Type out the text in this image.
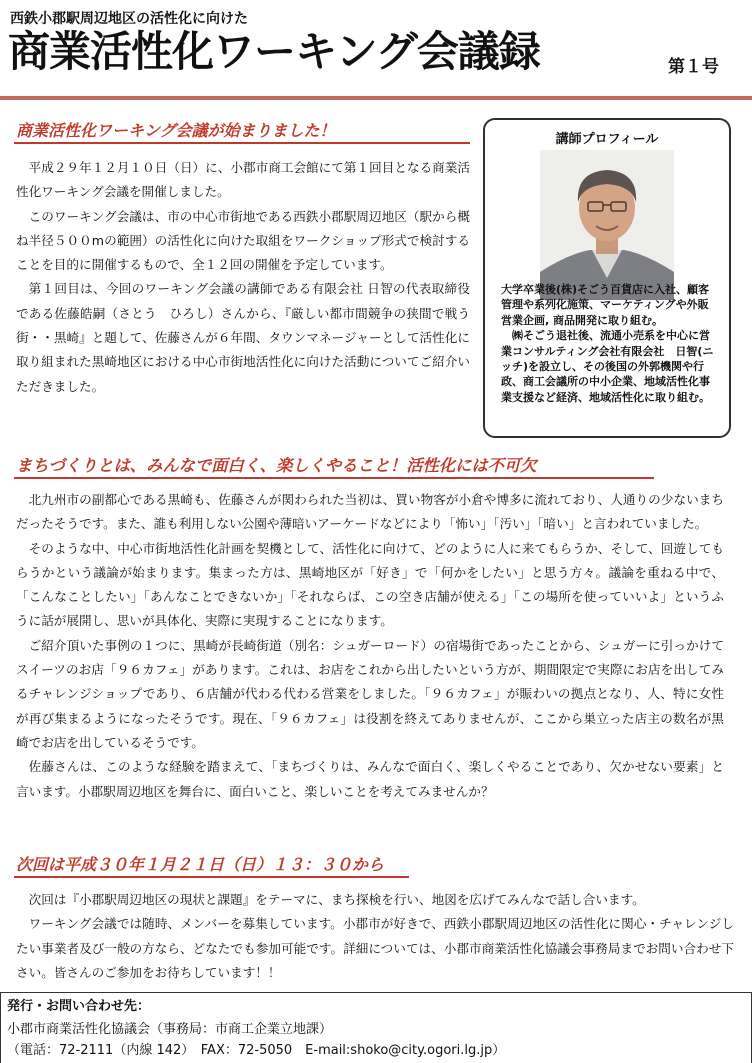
西鉄小郡駅周辺地区の活性化に向けた
商業活性化ワーキング会議録	第１号
商業活性化ワーキング会議が始まりました！

平成２９年１２月１０日（日）に、小郡市商工会館にて第１回目となる商業活性化ワーキング会議を開催しました。

このワーキング会議は、市の中心市街地である西鉄小郡駅周辺地区（駅から概ね半径５００mの範囲）の活性化に向けた取組をワークショップ形式で検討することを目的に開催するもので、全１２回の開催を予定しています。

第１回目は、今回のワーキング会議の講師である有限会社 日智の代表取締役である佐藤皓嗣（さとう　ひろし）さんから、『厳しい都市間競争の狭間で戦う街・・黒崎』と題して、佐藤さんが６年間、タウンマネージャーとして活性化に取り組まれた黒崎地区における中心市街地活性化に向けた活動についてご紹介いただきました。

講師プロフィール

大学卒業後(株)そごう百貨店に入社、顧客管理や系列化施策、マーケティングや外販営業企画, 商品開発に取り組む。

㈱そごう退社後、流通小売系を中心に営業コンサルティング会社有限会社　日智(ニッチ)を設立し、その後国の外郭機関や行政、商工会議所の中小企業、地域活性化事業支援など経済、地域活性化に取り組む。

まちづくりとは、みんなで面白く、楽しくやること！活性化には不可欠

北九州市の副都心である黒崎も、佐藤さんが関わられた当初は、買い物客が小倉や博多に流れており、人通りの少ないまちだったそうです。また、誰も利用しない公園や薄暗いアーケードなどにより「怖い」「汚い」「暗い」と言われていました。

そのような中、中心市街地活性化計画を契機として、活性化に向けて、どのように人に来てもらうか、そして、回遊してもらうかという議論が始まります。集まった方は、黒崎地区が「好き」で「何かをしたい」と思う方々。議論を重ねる中で、「こんなことしたい」「あんなことできないか」「それならば、この空き店舗が使える」「この場所を使っていいよ」というふうに話が展開し、思いが具体化、実際に実現することになります。

ご紹介頂いた事例の１つに、黒崎が長崎街道（別名：シュガーロード）の宿場街であったことから、シュガーに引っかけてスイーツのお店「９６カフェ」があります。これは、お店をこれから出したいという方が、期間限定で実際にお店を出してみるチャレンジショップであり、６店舗が代わる代わる営業をしました。「９６カフェ」が賑わいの拠点となり、人、特に女性が再び集まるようになったそうです。現在、「９６カフェ」は役割を終えてありませんが、ここから巣立った店主の数名が黒崎でお店を出しているそうです。

佐藤さんは、このような経験を踏まえて、「まちづくりは、みんなで面白く、楽しくやることであり、欠かせない要素」と言います。小郡駅周辺地区を舞台に、面白いこと、楽しいことを考えてみませんか？

次回は平成３０年１月２１日（日）１３：３０から

次回は『小郡駅周辺地区の現状と課題』をテーマに、まち探検を行い、地図を広げてみんなで話し合います。

ワーキング会議では随時、メンバーを募集しています。小郡市が好きで、西鉄小郡駅周辺地区の活性化に関心・チャレンジしたい事業者及び一般の方なら、どなたでも参加可能です。詳細については、小郡市商業活性化協議会事務局までお問い合わせ下さい。皆さんのご参加をお待ちしています！！

発行・お問い合わせ先：
小郡市商業活性化協議会（事務局：市商工企業立地課）
（電話：72-2111（内線 142）　FAX：72-5050　E-mail:shoko@city.ogori.lg.jp）
